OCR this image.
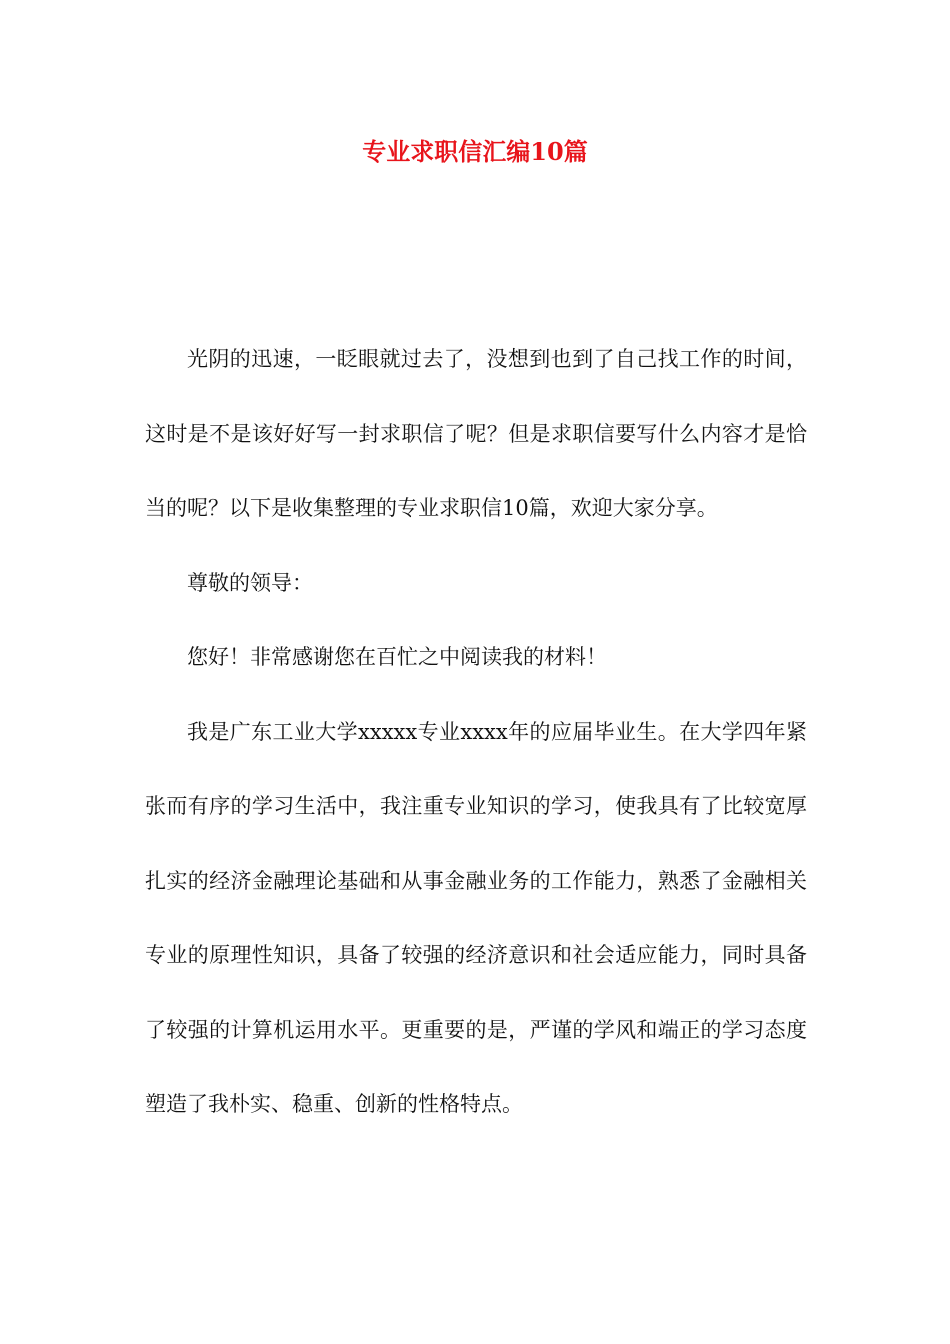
专业求职信汇编10篇

光阴的迅速，一眨眼就过去了，没想到也到了自己找工作的时间，这时是不是该好好写一封求职信了呢？但是求职信要写什么内容才是恰当的呢？以下是收集整理的专业求职信10篇，欢迎大家分享。

尊敬的领导：

您好！非常感谢您在百忙之中阅读我的材料！

我是广东工业大学xxxxx专业xxxx年的应届毕业生。在大学四年紧张而有序的学习生活中，我注重专业知识的学习，使我具有了比较宽厚扎实的经济金融理论基础和从事金融业务的工作能力，熟悉了金融相关专业的原理性知识，具备了较强的经济意识和社会适应能力，同时具备了较强的计算机运用水平。更重要的是，严谨的学风和端正的学习态度塑造了我朴实、稳重、创新的性格特点。
